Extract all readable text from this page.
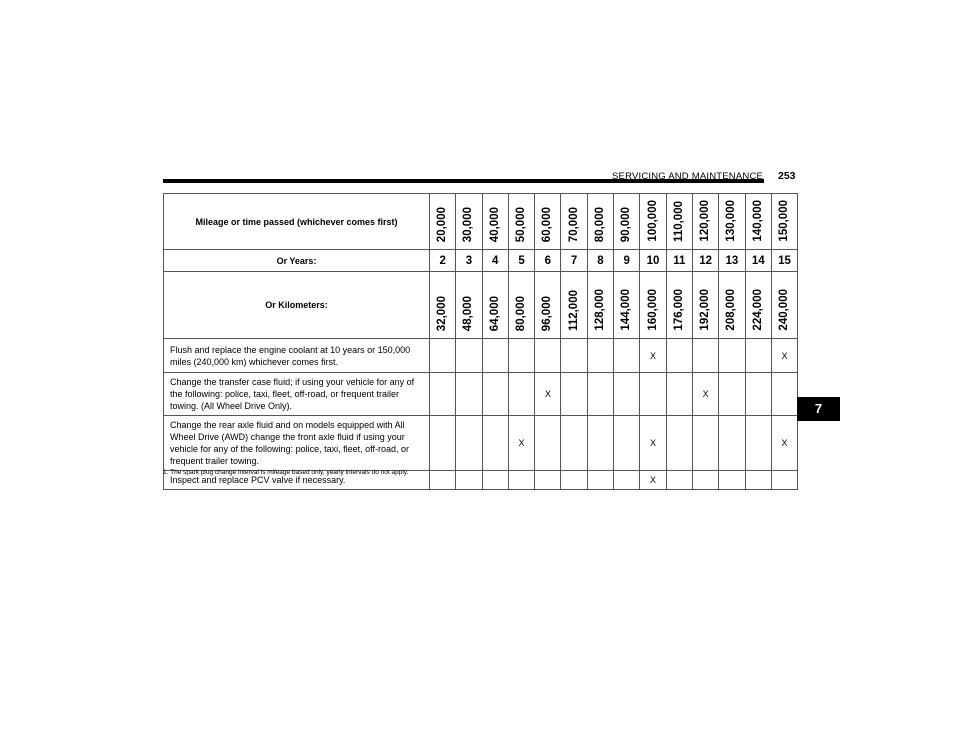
SERVICING AND MAINTENANCE 253
Mileage or time passed (whichever comes first)	20,000	30,000	40,000	50,000	60,000	70,000	80,000	90,000	100,000	110,000	120,000	130,000	140,000	150,000
Or Years:	2	3	4	5	6	7	8	9	10	11	12	13	14	15
Or Kilometers:	32,000	48,000	64,000	80,000	96,000	112,000	128,000	144,000	160,000	176,000	192,000	208,000	224,000	240,000
Flush and replace the engine coolant at 10 years or 150,000 miles (240,000 km) whichever comes first.									X					X
Change the transfer case fluid; if using your vehicle for any of the following: police, taxi, fleet, off-road, or frequent trailer towing. (All Wheel Drive Only).					X						X			
Change the rear axle fluid and on models equipped with All Wheel Drive (AWD) change the front axle fluid if using your vehicle for any of the following: police, taxi, fleet, off-road, or frequent trailer towing.				X					X					X
Inspect and replace PCV valve if necessary.									X					
7
1. The spark plug change interval is mileage based only, yearly intervals do not apply.
